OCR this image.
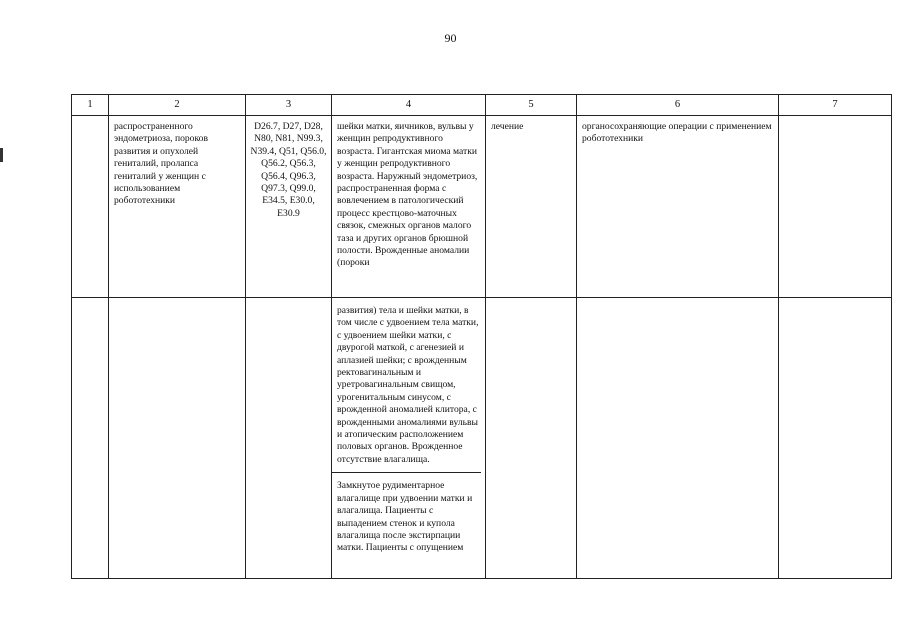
90
1	2	3	4	5	6	7

	распространенного эндометриоза, пороков развития и опухолей гениталий, пролапса гениталий у женщин с использованием робототехники	D26.7, D27, D28, N80, N81, N99.3, N39.4, Q51, Q56.0, Q56.2, Q56.3, Q56.4, Q96.3, Q97.3, Q99.0, E34.5, E30.0, E30.9	шейки матки, яичников, вульвы у женщин репродуктивного возраста. Гигантская миома матки у женщин репродуктивного возраста. Наружный эндометриоз, распространенная форма с вовлечением в патологический процесс крестцово-маточных связок, смежных органов малого таза и других органов брюшной полости. Врожденные аномалии (пороки	лечение	органосохраняющие операции с применением робототехники	

			развития) тела и шейки матки, в том числе с удвоением тела матки, с удвоением шейки матки, с двурогой маткой, с агенезией и аплазией шейки; с врожденным ректовагинальным и уретровагинальным свищом, урогенитальным синусом, с врожденной аномалией клитора, с врожденными аномалиями вульвы и атопическим расположением половых органов. Врожденное отсутствие влагалища.
Замкнутое рудиментарное влагалище при удвоении матки и влагалища. Пациенты с выпадением стенок и купола влагалища после экстирпации матки. Пациенты с опущением			
